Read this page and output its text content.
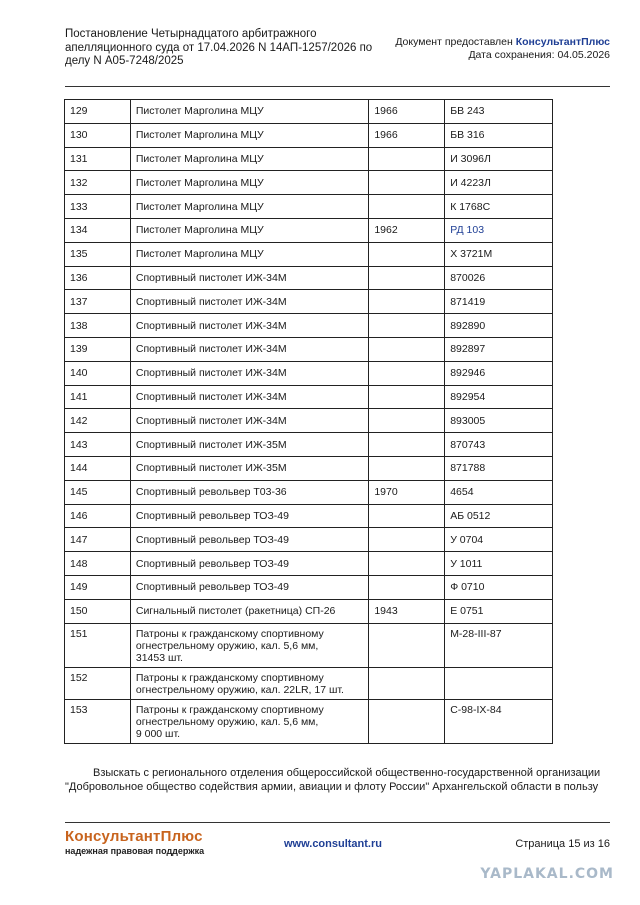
Постановление Четырнадцатого арбитражного
апелляционного суда от 17.04.2026 N 14АП-1257/2026 по
делу N А05-7248/2025
Документ предоставлен КонсультантПлюс
Дата сохранения: 04.05.2026
129	Пистолет Марголина МЦУ	1966	БВ 243
130	Пистолет Марголина МЦУ	1966	БВ 316
131	Пистолет Марголина МЦУ		И 3096Л
132	Пистолет Марголина МЦУ		И 4223Л
133	Пистолет Марголина МЦУ		К 1768С
134	Пистолет Марголина МЦУ	1962	РД 103
135	Пистолет Марголина МЦУ		Х 3721М
136	Спортивный пистолет ИЖ-34М		870026
137	Спортивный пистолет ИЖ-34М		871419
138	Спортивный пистолет ИЖ-34М		892890
139	Спортивный пистолет ИЖ-34М		892897
140	Спортивный пистолет ИЖ-34М		892946
141	Спортивный пистолет ИЖ-34М		892954
142	Спортивный пистолет ИЖ-34М		893005
143	Спортивный пистолет ИЖ-35М		870743
144	Спортивный пистолет ИЖ-35М		871788
145	Спортивный револьвер Т03-36	1970	4654
146	Спортивный револьвер ТОЗ-49		АБ 0512
147	Спортивный револьвер ТОЗ-49		У 0704
148	Спортивный револьвер ТОЗ-49		У 1011
149	Спортивный револьвер ТОЗ-49		Ф 0710
150	Сигнальный пистолет (ракетница) СП-26	1943	Е 0751
151	Патроны к гражданскому спортивному
огнестрельному оружию, кал. 5,6 мм,
31453 шт.		М-28-III-87
152	Патроны к гражданскому спортивному
огнестрельному оружию, кал. 22LR, 17 шт.		

153	Патроны к гражданскому спортивному
огнестрельному оружию, кал. 5,6 мм,
9 000 шт.		С-98-IX-84
Взыскать с регионального отделения общероссийской общественно-государственной организации
"Добровольное общество содействия армии, авиации и флоту России" Архангельской области в пользу
КонсультантПлюс
надежная правовая поддержка
www.consultant.ru	Страница 15 из 16
YAPLAKAL.COM
